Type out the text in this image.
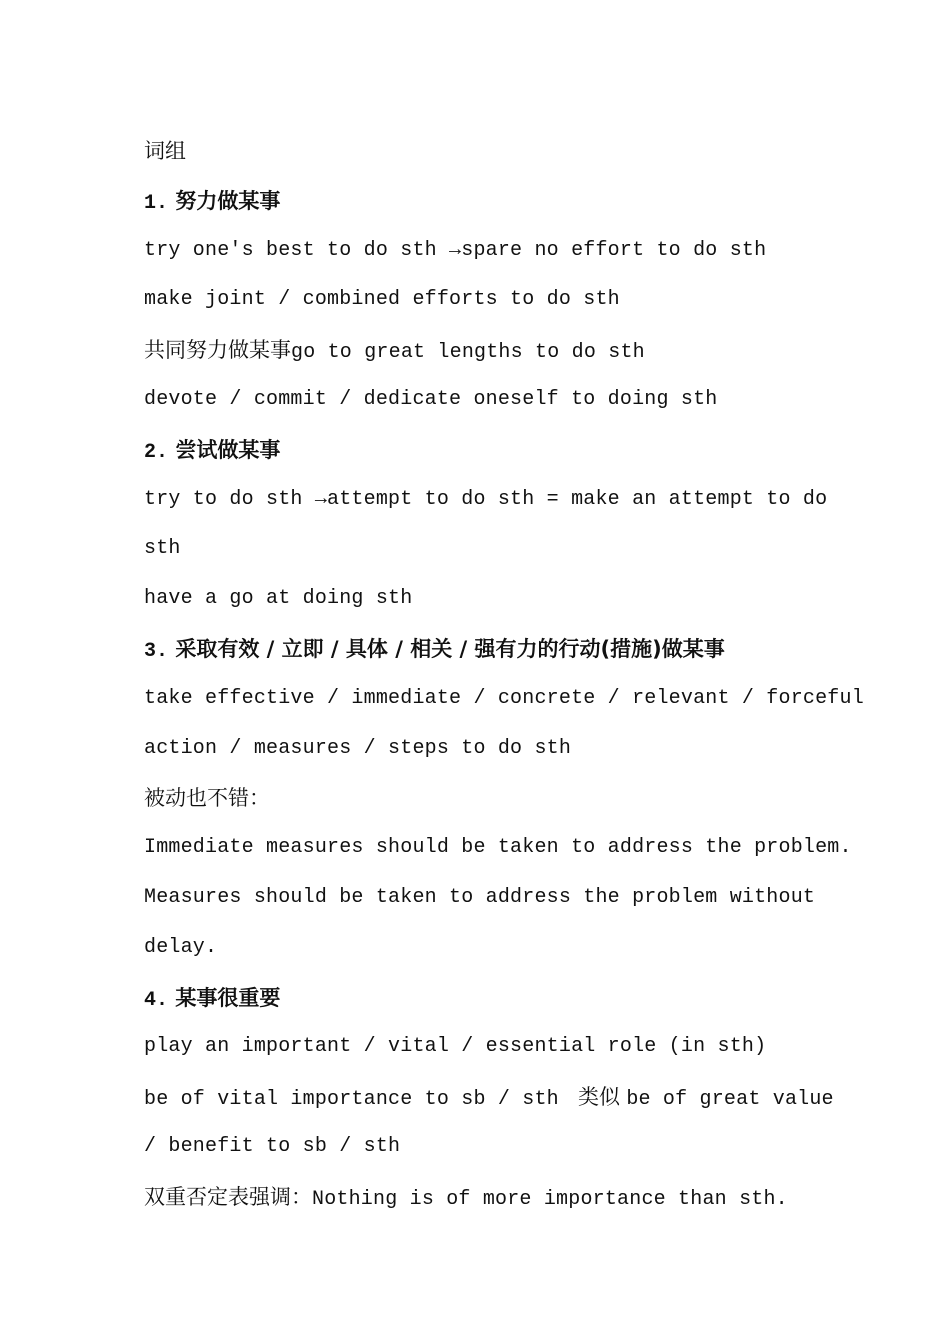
词组
1. 努力做某事
try one's best to do sth →spare no effort to do sth
make joint / combined efforts to do sth
共同努力做某事go to great lengths to do sth
devote / commit / dedicate oneself to doing sth
2. 尝试做某事
try to do sth →attempt to do sth = make an attempt to do
sth
have a go at doing sth
3. 采取有效 / 立即 / 具体 / 相关 / 强有力的行动(措施)做某事
take effective / immediate / concrete / relevant / forceful
action / measures / steps to do sth
被动也不错：
Immediate measures should be taken to address the problem.
Measures should be taken to address the problem without
delay.
4. 某事很重要
play an important / vital / essential role (in sth)
be of vital importance to sb / sth 类似 be of great value
/ benefit to sb / sth
双重否定表强调：Nothing is of more importance than sth.
